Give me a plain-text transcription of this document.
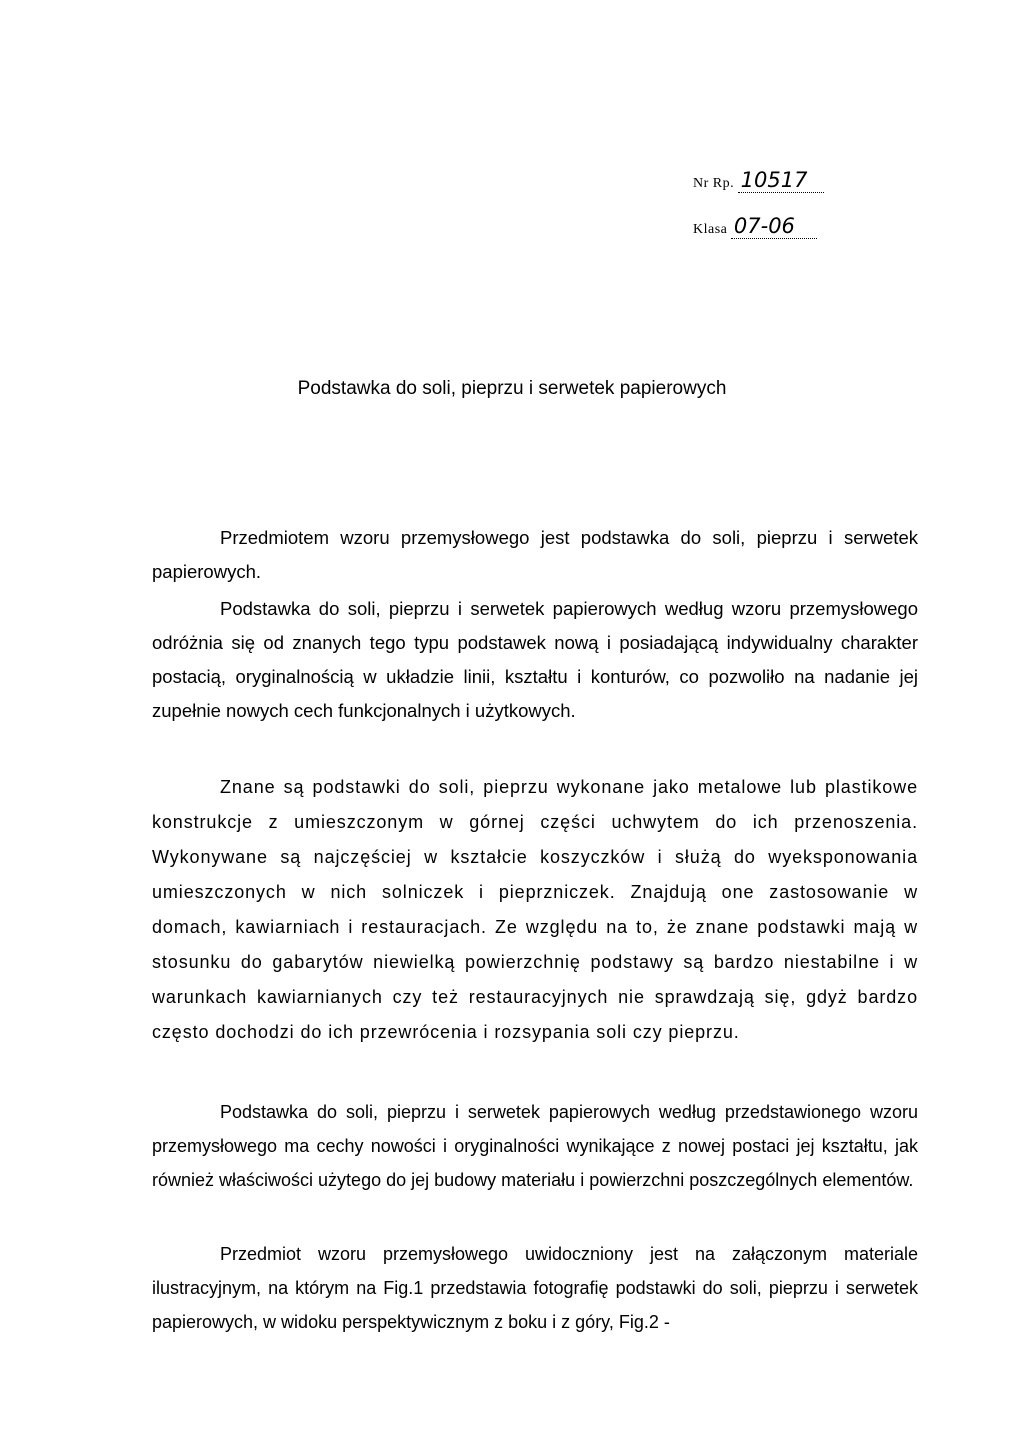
Nr Rp. 10517
Klasa 07-06
Podstawka do soli, pieprzu i serwetek papierowych

Przedmiotem wzoru przemysłowego jest podstawka do soli, pieprzu i serwetek papierowych.

Podstawka do soli, pieprzu i serwetek papierowych według wzoru przemysłowego odróżnia się od znanych tego typu podstawek nową i posiadającą indywidualny charakter postacią, oryginalnością w układzie linii, kształtu i konturów, co pozwoliło na nadanie jej zupełnie nowych cech funkcjonalnych i użytkowych.

Znane są podstawki do soli, pieprzu wykonane jako metalowe lub plastikowe konstrukcje z umieszczonym w górnej części uchwytem do ich przenoszenia. Wykonywane są najczęściej w kształcie koszyczków i służą do wyeksponowania umieszczonych w nich solniczek i pieprzniczek. Znajdują one zastosowanie w domach, kawiarniach i restauracjach. Ze względu na to, że znane podstawki mają w stosunku do gabarytów niewielką powierzchnię podstawy są bardzo niestabilne i w warunkach kawiarnianych czy też restauracyjnych nie sprawdzają się, gdyż bardzo często dochodzi do ich przewrócenia i rozsypania soli czy pieprzu.

Podstawka do soli, pieprzu i serwetek papierowych według przedstawionego wzoru przemysłowego ma cechy nowości i oryginalności wynikające z nowej postaci jej kształtu, jak również właściwości użytego do jej budowy materiału i powierzchni poszczególnych elementów.

Przedmiot wzoru przemysłowego uwidoczniony jest na załączonym materiale ilustracyjnym, na którym na Fig.1 przedstawia fotografię podstawki do soli, pieprzu i serwetek papierowych, w widoku perspektywicznym z boku i z góry, Fig.2 -
